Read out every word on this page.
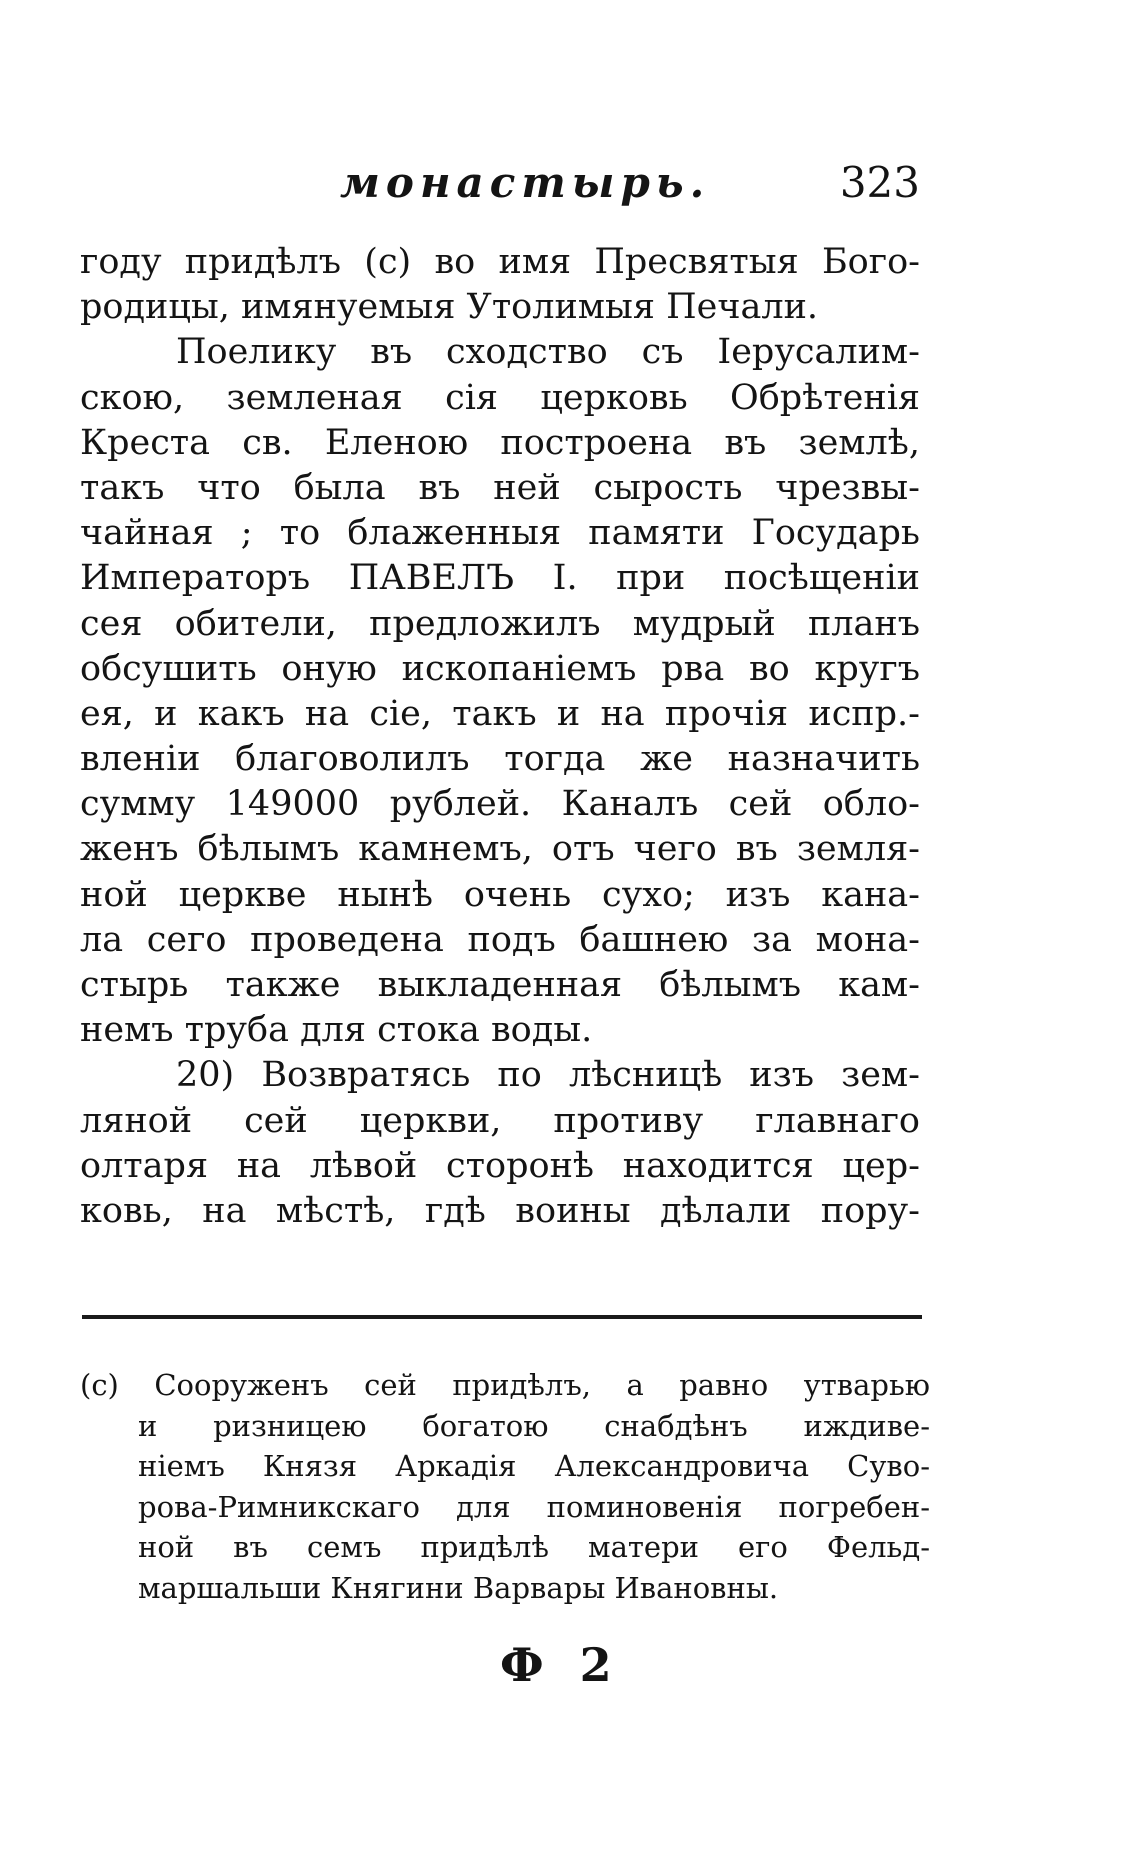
монастырь.	323
году придѣлъ (с) во имя Пресвятыя Бого-
родицы, имянуемыя Утолимыя Печали.
Поелику въ сходство съ Iерусалим-
скою, земленая сiя церковь Обрѣтенiя
Креста св. Еленою построена въ землѣ,
такъ что была въ ней сырость чрезвы-
чайная ; то блаженныя памяти Государь
Императоръ ПАВЕЛЪ I. при посѣщенiи
сея обители, предложилъ мудрый планъ
обсушить оную ископанiемъ рва во кругъ
ея, и какъ на сiе, такъ и на прочiя испр.-
вленiи благоволилъ тогда же назначить
сумму 149000 рублей. Каналъ сей обло-
женъ бѣлымъ камнемъ, отъ чего въ земля-
ной церкве нынѣ очень сухо; изъ кана-
ла сего проведена подъ башнею за мона-
стырь также выкладенная бѣлымъ кам-
немъ труба для стока воды.
20) Возвратясь по лѣсницѣ изъ зем-
ляной сей церкви, противу главнаго
олтаря на лѣвой сторонѣ находится цер-
ковь, на мѣстѣ, гдѣ воины дѣлали пору-
(с) Сооруженъ сей придѣлъ, а равно утварью
и ризницею богатою снабдѣнъ иждиве-
нiемъ Князя Аркадiя Александровича Суво-
рова-Римникскаго для поминовенiя погребен-
ной въ семъ придѣлѣ матери его Фельд-
маршальши Княгини Варвары Ивановны.
Ф 2
